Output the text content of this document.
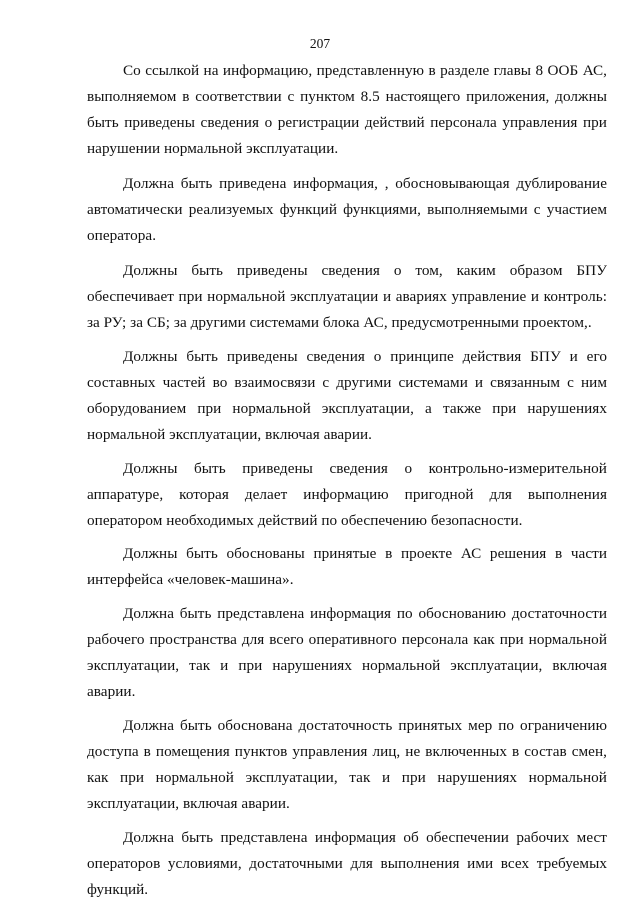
207

Со ссылкой на информацию, представленную в разделе главы 8 ООБ АС, выполняемом в соответствии с пунктом 8.5 настоящего приложения, должны быть приведены сведения о регистрации действий персонала управления при нарушении нормальной эксплуатации.

Должна быть приведена информация, , обосновывающая дублирование автоматически реализуемых функций функциями, выполняемыми с участием оператора.

Должны быть приведены сведения о том, каким образом БПУ обеспечивает при нормальной эксплуатации и авариях управление и контроль: за РУ; за СБ; за другими системами блока АС, предусмотренными проектом,.

Должны быть приведены сведения о принципе действия БПУ и его составных частей во взаимосвязи с другими системами и связанным с ним оборудованием при нормальной эксплуатации, а также при нарушениях нормальной эксплуатации, включая аварии.

Должны быть приведены сведения о контрольно-измерительной аппаратуре, которая делает информацию пригодной для выполнения оператором необходимых действий по обеспечению безопасности.

Должны быть обоснованы принятые в проекте АС решения в части интерфейса «человек-машина».

Должна быть представлена информация по обоснованию достаточности рабочего пространства для всего оперативного персонала как при нормальной эксплуатации, так и при нарушениях нормальной эксплуатации, включая аварии.

Должна быть обоснована достаточность принятых мер по ограничению доступа в помещения пунктов управления лиц, не включенных в состав смен, как при нормальной эксплуатации, так и при нарушениях нормальной эксплуатации, включая аварии.

Должна быть представлена информация об обеспечении рабочих мест операторов условиями, достаточными для выполнения ими всех требуемых функций.
